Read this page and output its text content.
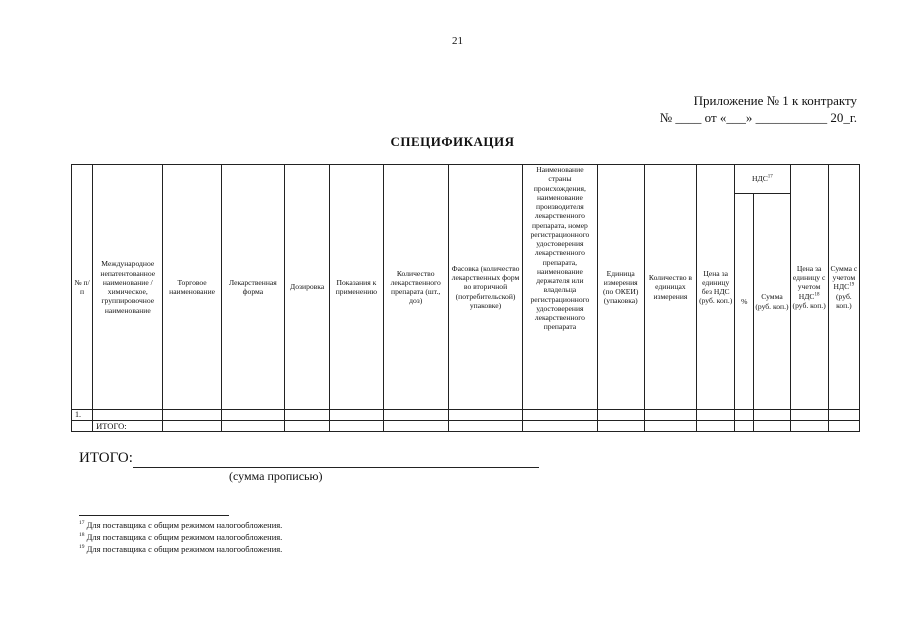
21
Приложение № 1 к контракту
№ ____ от «___» ___________ 20_г.
СПЕЦИФИКАЦИЯ
№ п/п	Международное непатентованное наименование / химическое, группировочное наименование	Торговое наименование	Лекарственная форма	Дозировка	Показания к применению	Количество лекарственного препарата (шт., доз)	Фасовка (количество лекарственных форм во вторичной (потребительской) упаковке)	Наименование страны происхождения, наименование производителя лекарственного препарата, номер регистрационного удостоверения лекарственного препарата, наименование держателя или владельца регистрационного удостоверения лекарственного препарата	Единица измерения (по ОКЕИ) (упаковка)	Количество в единицах измерения	Цена за единицу без НДС (руб. коп.)	НДС$^{17}$		Цена за единицу с учетом НДС$^{18}$ (руб. коп.)	Сумма с учетом НДС$^{19}$ (руб. коп.)
												%	Сумма (руб. коп.)		
1.															
	ИТОГО:														
ИТОГО:
(сумма прописью)
$^{17}$ Для поставщика с общим режимом налогообложения.
$^{18}$ Для поставщика с общим режимом налогообложения.
$^{19}$ Для поставщика с общим режимом налогообложения.
